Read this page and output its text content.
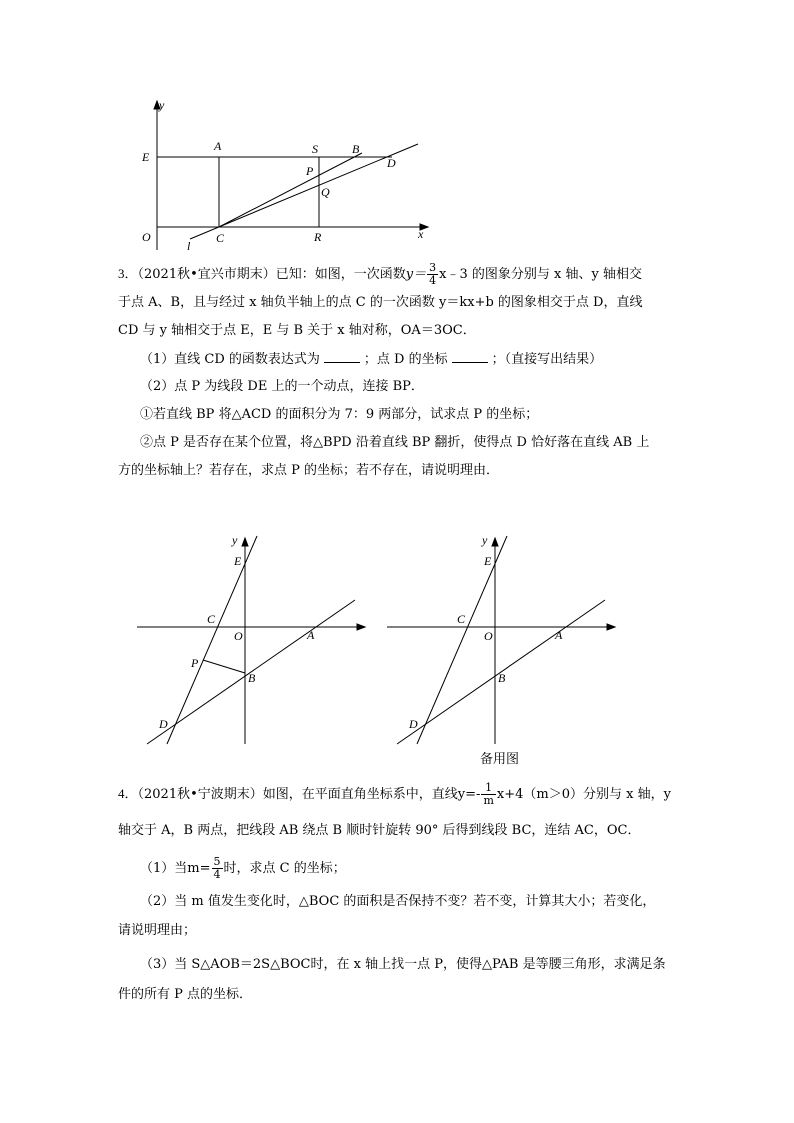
y
E
A	S	B
D
P
Q
O	C	R
l
x
3．（2021秋•宜兴市期末）已知：如图，一次函数$y= \frac{3}{4}$ x﹣3 的图象分别与 x 轴、y 轴相交
于点 A、B，且与经过 x 轴负半轴上的点 C 的一次函数 y＝kx+b 的图象相交于点 D，直线
CD 与 y 轴相交于点 E，E 与 B 关于 x 轴对称，OA＝3OC．
（1）直线 CD 的函数表达式为	；点 D 的坐标	；（直接写出结果）
（2）点 P 为线段 DE 上的一个动点，连接 BP．
①若直线 BP 将△ACD 的面积分为 7：9 两部分，试求点 P 的坐标；
②点 P 是否存在某个位置，将△BPD 沿着直线 BP 翻折，使得点 D 恰好落在直线 AB 上
方的坐标轴上？若存在，求点 P 的坐标；若不存在，请说明理由．
y
E
C
O	A
P
B
D
y
E
C
O	A
B
D
备用图
4．（2021秋•宁波期末）如图，在平面直角坐标系中，直线$y=- \frac{1}{m} x+4(m>0)$分别与 x 轴，y
轴交于 A，B 两点，把线段 AB 绕点 B 顺时针旋转 90° 后得到线段 BC，连结 AC，OC．
（1）当$m= \frac{5}{4}$ 时，求点 C 的坐标；
（2）当 m 值发生变化时，△BOC 的面积是否保持不变？若不变，计算其大小；若变化，
请说明理由；
（3）当 S△AOB＝2S△BOC时，在 x 轴上找一点 P，使得△PAB 是等腰三角形，求满足条
件的所有 P 点的坐标．
